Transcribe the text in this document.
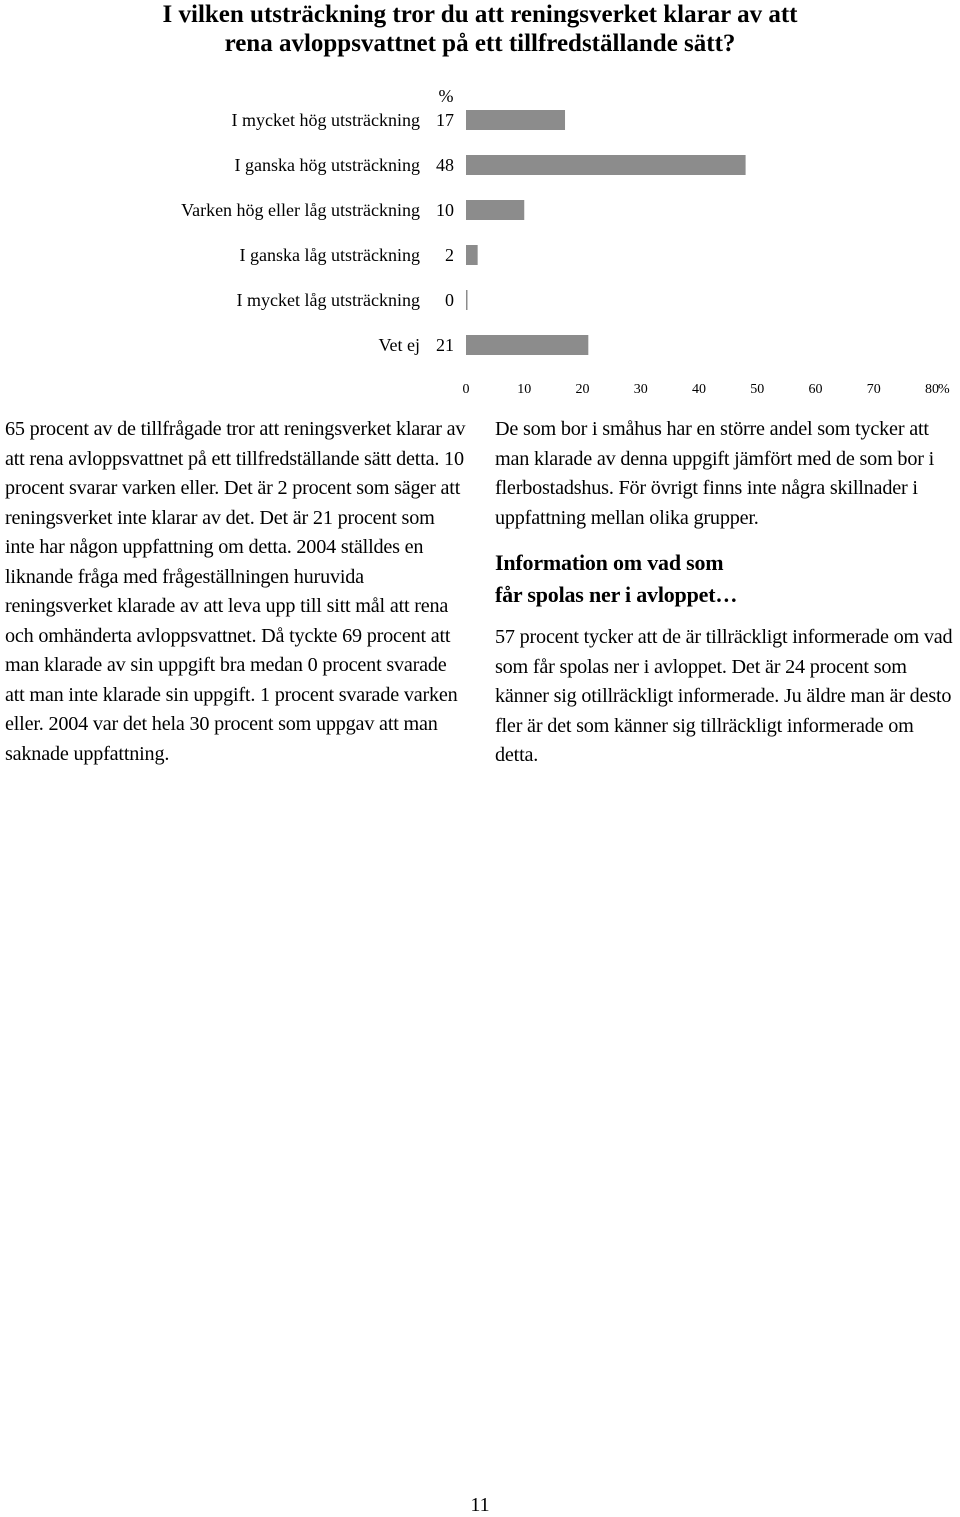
I vilken utsträckning tror du att reningsverket klarar av att
rena avloppsvattnet på ett tillfredställande sätt?
%
I mycket hög utsträckning 17
I ganska hög utsträckning 48
Varken hög eller låg utsträckning 10
I ganska låg utsträckning 2
I mycket låg utsträckning 0
Vet ej 21
0	10	20	30	40	50	60	70	80 %

65 procent av de tillfrågade tror att reningsverket klarar av att rena avloppsvattnet på ett tillfredställande sätt detta. 10 procent svarar varken eller. Det är 2 procent som säger att reningsverket inte klarar av det. Det är 21 procent som inte har någon uppfattning om detta. 2004 ställdes en liknande fråga med frågeställningen huruvida reningsverket klarade av att leva upp till sitt mål att rena och omhänderta avloppsvattnet. Då tyckte 69 procent att man klarade av sin uppgift bra medan 0 procent svarade att man inte klarade sin uppgift. 1 procent svarade varken eller. 2004 var det hela 30 procent som uppgav att man saknade uppfattning.

De som bor i småhus har en större andel som tycker att man klarade av denna uppgift jämfört med de som bor i flerbostadshus. För övrigt finns inte några skillnader i uppfattning mellan olika grupper.

Information om vad som
får spolas ner i avloppet…

57 procent tycker att de är tillräckligt informerade om vad som får spolas ner i avloppet. Det är 24 procent som känner sig otillräckligt informerade. Ju äldre man är desto fler är det som känner sig tillräckligt informerade om detta.

11
